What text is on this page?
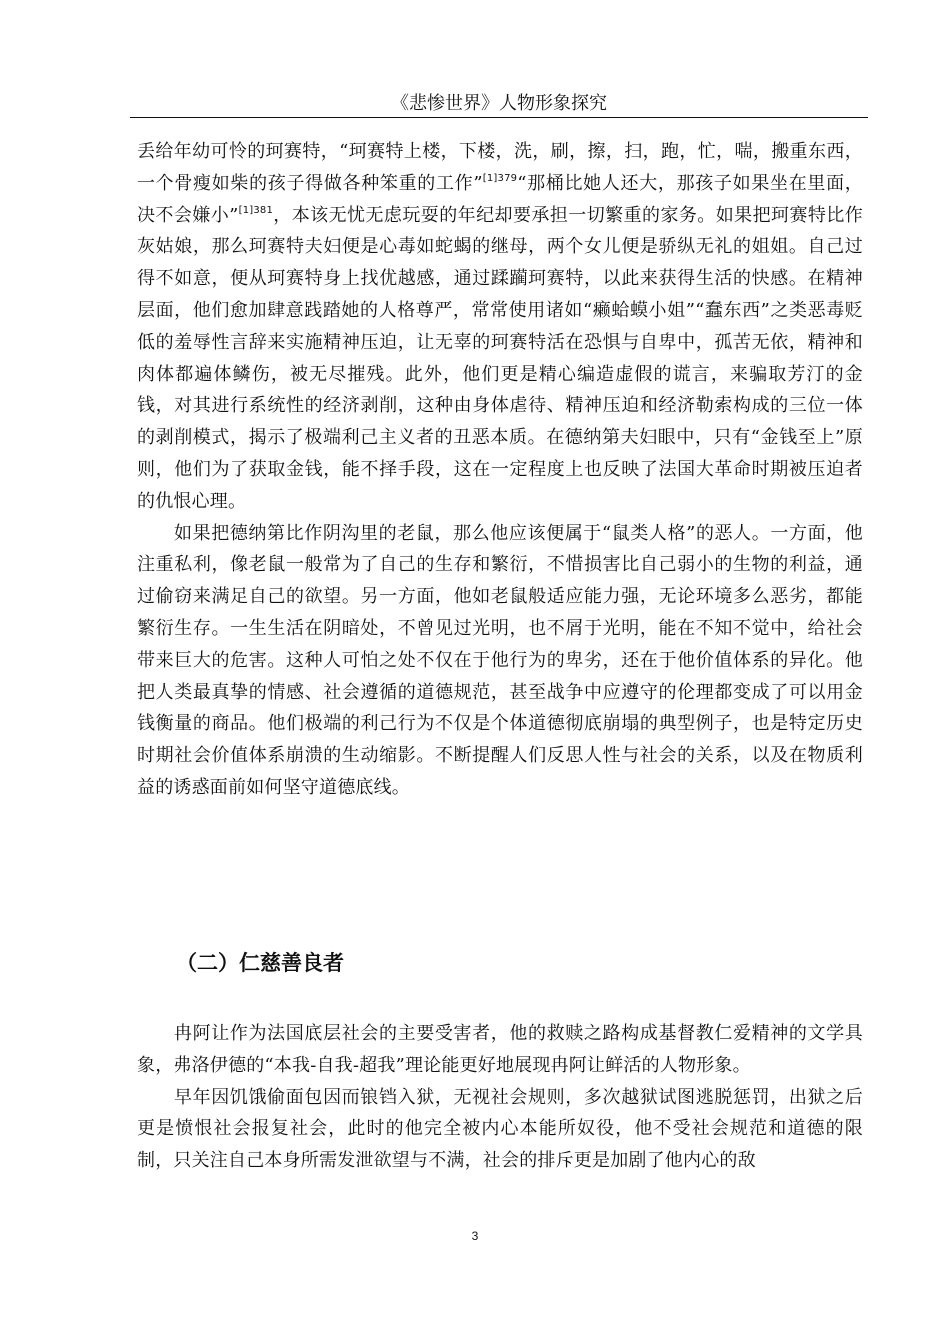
《悲惨世界》人物形象探究

丢给年幼可怜的珂赛特，“珂赛特上楼，下楼，洗，刷，擦，扫，跑，忙，喘，搬重东西，一个骨瘦如柴的孩子得做各种笨重的工作”$^{[1]379}$“那桶比她人还大，那孩子如果坐在里面，决不会嫌小”$^{[1]381}$，本该无忧无虑玩耍的年纪却要承担一切繁重的家务。如果把珂赛特比作灰姑娘，那么珂赛特夫妇便是心毒如蛇蝎的继母，两个女儿便是骄纵无礼的姐姐。自己过得不如意，便从珂赛特身上找优越感，通过蹂躏珂赛特，以此来获得生活的快感。在精神层面，他们愈加肆意践踏她的人格尊严，常常使用诸如“癞蛤蟆小姐”“蠢东西”之类恶毒贬低的羞辱性言辞来实施精神压迫，让无辜的珂赛特活在恐惧与自卑中，孤苦无依，精神和肉体都遍体鳞伤，被无尽摧残。此外，他们更是精心编造虚假的谎言，来骗取芳汀的金钱，对其进行系统性的经济剥削，这种由身体虐待、精神压迫和经济勒索构成的三位一体的剥削模式，揭示了极端利己主义者的丑恶本质。在德纳第夫妇眼中，只有“金钱至上”原则，他们为了获取金钱，能不择手段，这在一定程度上也反映了法国大革命时期被压迫者的仇恨心理。

如果把德纳第比作阴沟里的老鼠，那么他应该便属于“鼠类人格”的恶人。一方面，他注重私利，像老鼠一般常为了自己的生存和繁衍，不惜损害比自己弱小的生物的利益，通过偷窃来满足自己的欲望。另一方面，他如老鼠般适应能力强，无论环境多么恶劣，都能繁衍生存。一生生活在阴暗处，不曾见过光明，也不屑于光明，能在不知不觉中，给社会带来巨大的危害。这种人可怕之处不仅在于他行为的卑劣，还在于他价值体系的异化。他把人类最真挚的情感、社会遵循的道德规范，甚至战争中应遵守的伦理都变成了可以用金钱衡量的商品。他们极端的利己行为不仅是个体道德彻底崩塌的典型例子，也是特定历史时期社会价值体系崩溃的生动缩影。不断提醒人们反思人性与社会的关系，以及在物质利益的诱惑面前如何坚守道德底线。

（二）仁慈善良者

冉阿让作为法国底层社会的主要受害者，他的救赎之路构成基督教仁爱精神的文学具象，弗洛伊德的“本我-自我-超我”理论能更好地展现冉阿让鲜活的人物形象。

早年因饥饿偷面包因而锒铛入狱，无视社会规则，多次越狱试图逃脱惩罚，出狱之后更是愤恨社会报复社会，此时的他完全被内心本能所奴役，他不受社会规范和道德的限制，只关注自己本身所需发泄欲望与不满，社会的排斥更是加剧了他内心的敌

3
